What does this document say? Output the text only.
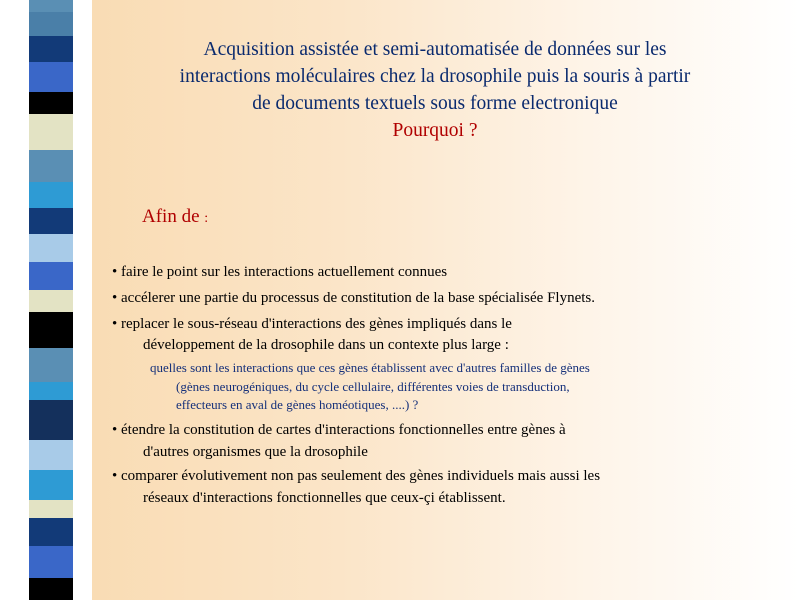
Acquisition assistée et semi-automatisée de données sur les
interactions moléculaires chez la drosophile puis la souris à partir
de documents textuels sous forme electronique
Pourquoi ?
Afin de :
• faire le point sur les interactions actuellement connues
• accélerer une partie du processus de constitution de la base spécialisée Flynets.
• replacer le sous-réseau d'interactions des gènes impliqués dans le
développement de la drosophile dans un contexte plus large :
quelles sont les interactions que ces gènes établissent avec d'autres familles de gènes
(gènes neurogéniques, du cycle cellulaire, différentes voies de transduction,
effecteurs en aval de gènes homéotiques, ....) ?
• étendre la constitution de cartes d'interactions fonctionnelles entre gènes à
d'autres organismes que la drosophile
• comparer évolutivement non pas seulement des gènes individuels mais aussi les
réseaux d'interactions fonctionnelles que ceux-çi établissent.
